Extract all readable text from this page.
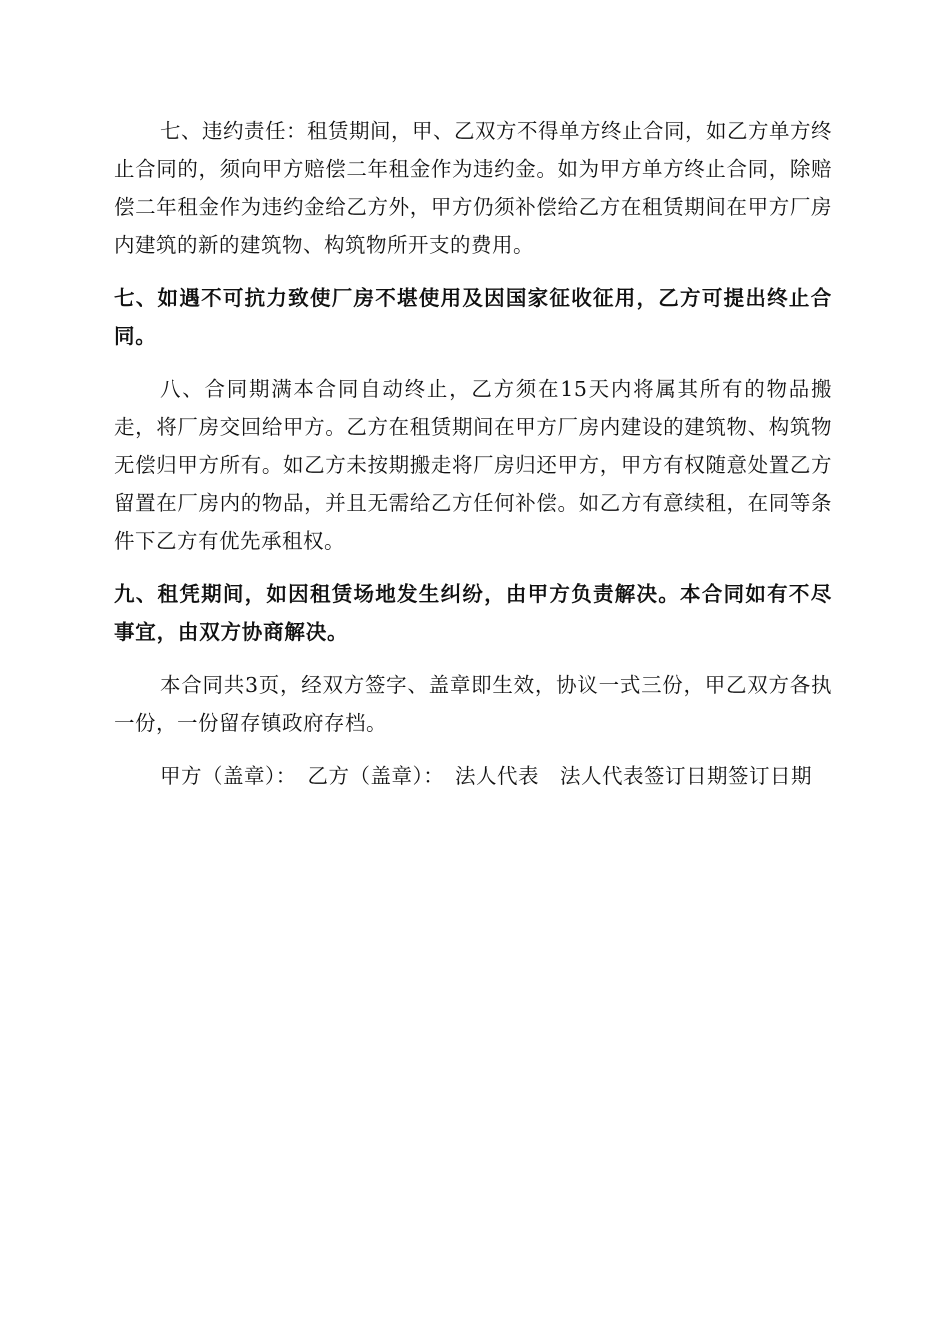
七、违约责任：租赁期间，甲、乙双方不得单方终止合同，如乙方单方终止合同的，须向甲方赔偿二年租金作为违约金。如为甲方单方终止合同，除赔偿二年租金作为违约金给乙方外，甲方仍须补偿给乙方在租赁期间在甲方厂房内建筑的新的建筑物、构筑物所开支的费用。

七、如遇不可抗力致使厂房不堪使用及因国家征收征用，乙方可提出终止合同。

八、合同期满本合同自动终止，乙方须在15天内将属其所有的物品搬走，将厂房交回给甲方。乙方在租赁期间在甲方厂房内建设的建筑物、构筑物无偿归甲方所有。如乙方未按期搬走将厂房归还甲方，甲方有权随意处置乙方留置在厂房内的物品，并且无需给乙方任何补偿。如乙方有意续租，在同等条件下乙方有优先承租权。

九、租凭期间，如因租赁场地发生纠纷，由甲方负责解决。本合同如有不尽事宜，由双方协商解决。

本合同共3页，经双方签字、盖章即生效，协议一式三份，甲乙双方各执一份，一份留存镇政府存档。

甲方（盖章）：　乙方（盖章）：　法人代表　法人代表签订日期签订日期
